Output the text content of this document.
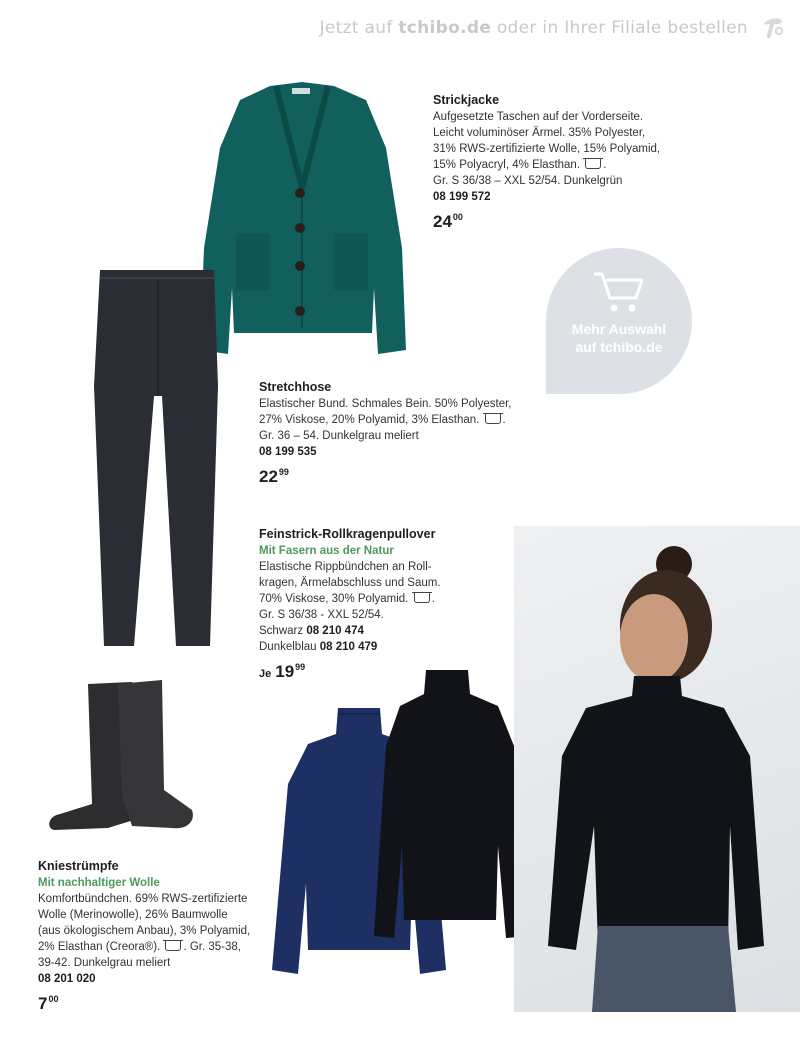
Jetzt auf tchibo.de oder in Ihrer Filiale bestellen
Mehr Auswahl
auf tchibo.de
Strickjacke
Aufgesetzte Taschen auf der Vorderseite.
Leicht voluminöser Ärmel. 35% Polyester,
31% RWS-zertifizierte Wolle, 15% Polyamid,
15% Polyacryl, 4% Elasthan. .
Gr. S 36/38 – XXL 52/54. Dunkelgrün
08 199 572
$24^{00}$
Stretchhose
Elastischer Bund. Schmales Bein. 50% Polyester,
27% Viskose, 20% Polyamid, 3% Elasthan. .
Gr. 36 – 54. Dunkelgrau meliert
08 199 535
$22^{99}$
Feinstrick-Rollkragenpullover
Mit Fasern aus der Natur
Elastische Rippbündchen an Roll-
kragen, Ärmelabschluss und Saum.
70% Viskose, 30% Polyamid. .
Gr. S 36/38 - XXL 52/54.
Schwarz 08 210 474
Dunkelblau 08 210 479
Je $19^{99}$
Kniestrümpfe
Mit nachhaltiger Wolle
Komfortbündchen. 69% RWS-zertifizierte
Wolle (Merinowolle), 26% Baumwolle
(aus ökologischem Anbau), 3% Polyamid,
2% Elasthan (Creora®). . Gr. 35-38,
39-42. Dunkelgrau meliert
08 201 020
$7^{00}$
